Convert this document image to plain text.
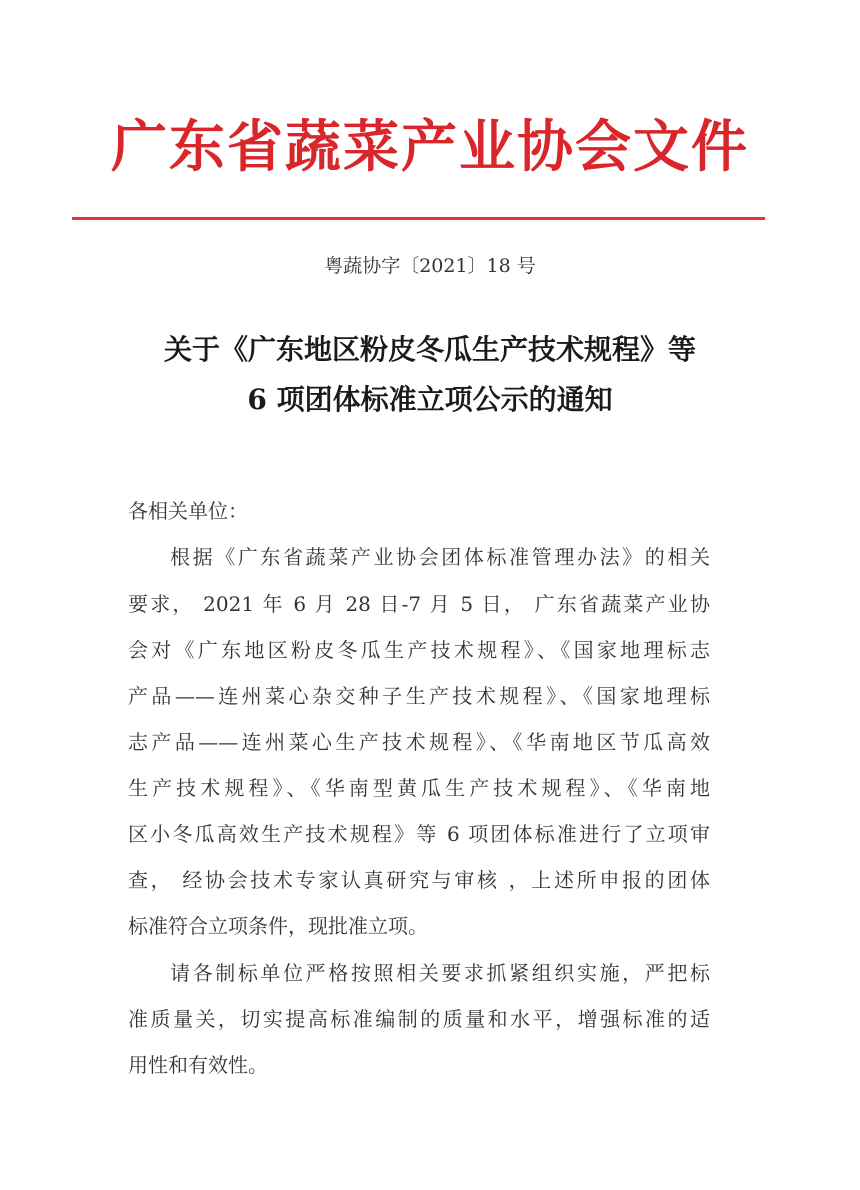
广东省蔬菜产业协会文件
粤蔬协字〔2021〕18 号
关于《广东地区粉皮冬瓜生产技术规程》等
6 项团体标准立项公示的通知
各相关单位：
根据《广东省蔬菜产业协会团体标准管理办法》的相关
要求， 2021 年 6 月 28 日-7 月 5 日， 广东省蔬菜产业协
会对《广东地区粉皮冬瓜生产技术规程》、《国家地理标志
产品——连州菜心杂交种子生产技术规程》、《国家地理标
志产品——连州菜心生产技术规程》、《华南地区节瓜高效
生产技术规程》、《华南型黄瓜生产技术规程》、《华南地
区小冬瓜高效生产技术规程》等 6 项团体标准进行了立项审
查， 经协会技术专家认真研究与审核 ，上述所申报的团体
标准符合立项条件，现批准立项。
请各制标单位严格按照相关要求抓紧组织实施，严把标
准质量关，切实提高标准编制的质量和水平，增强标准的适
用性和有效性。
